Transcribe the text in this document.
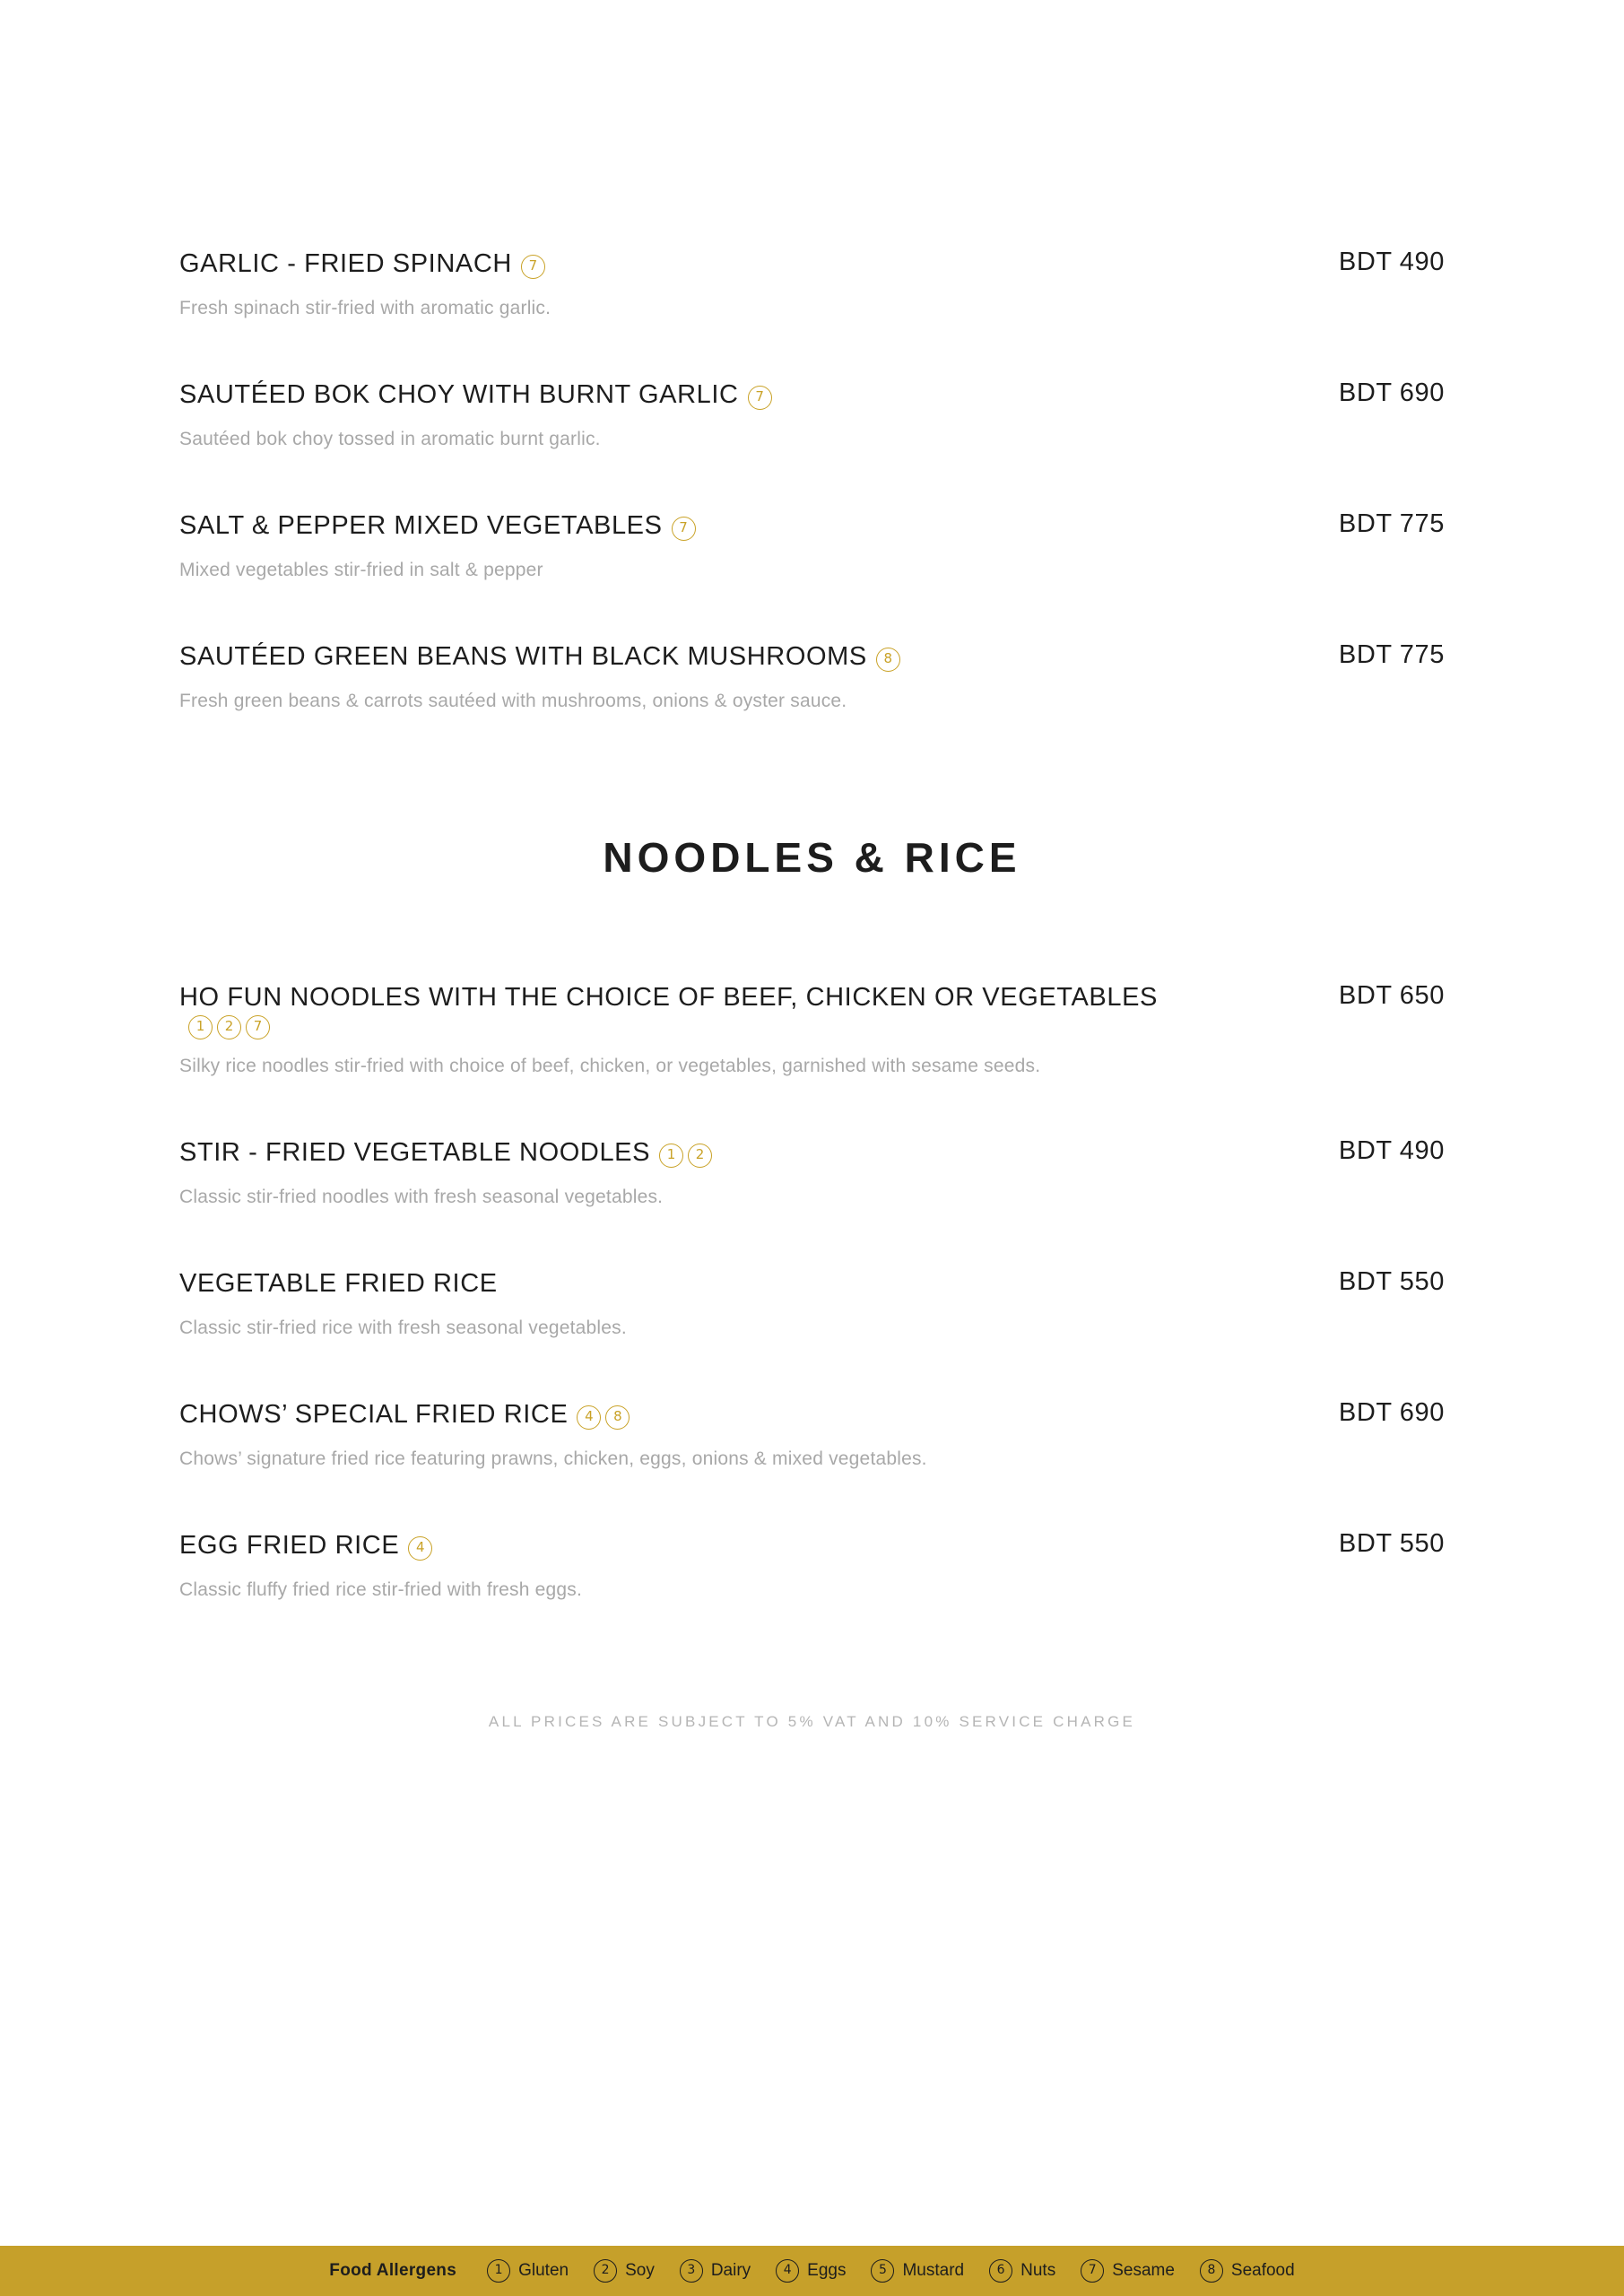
GARLIC - FRIED SPINACH 7	BDT 490
Fresh spinach stir-fried with aromatic garlic.
SAUTÉED BOK CHOY WITH BURNT GARLIC 7	BDT 690
Sautéed bok choy tossed in aromatic burnt garlic.
SALT & PEPPER MIXED VEGETABLES 7	BDT 775
Mixed vegetables stir-fried in salt & pepper
SAUTÉED GREEN BEANS WITH BLACK MUSHROOMS 8	BDT 775
Fresh green beans & carrots sautéed with mushrooms, onions & oyster sauce.
NOODLES & RICE
HO FUN NOODLES WITH THE CHOICE OF BEEF, CHICKEN OR VEGETABLES1 2 7
BDT 650
Silky rice noodles stir-fried with choice of beef, chicken, or vegetables, garnished with sesame seeds.
STIR - FRIED VEGETABLE NOODLES 1 2	BDT 490
Classic stir-fried noodles with fresh seasonal vegetables.
VEGETABLE FRIED RICE	BDT 550
Classic stir-fried rice with fresh seasonal vegetables.
CHOWS’ SPECIAL FRIED RICE 4 8	BDT 690
Chows’ signature fried rice featuring prawns, chicken, eggs, onions & mixed vegetables.
EGG FRIED RICE 4	BDT 550
Classic fluffy fried rice stir-fried with fresh eggs.
ALL PRICES ARE SUBJECT TO 5% VAT AND 10% SERVICE CHARGE
Food Allergens	1 Gluten	2 Soy	3 Dairy	4 Eggs	5 Mustard	6 Nuts	7 Sesame	8 Seafood
